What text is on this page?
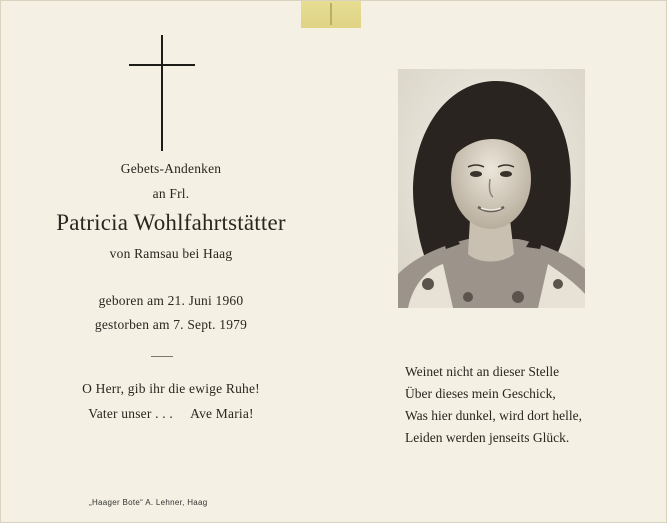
Gebets-Andenken
an Frl.
Patricia Wohlfahrtstätter
von Ramsau bei Haag
geboren am 21. Juni 1960
gestorben am 7. Sept. 1979
O Herr, gib ihr die ewige Ruhe!
Vater unser . . .     Ave Maria!
„Haager Bote“ A. Lehner, Haag
Weinet nicht an dieser Stelle
Über dieses mein Geschick,
Was hier dunkel, wird dort helle,
Leiden werden jenseits Glück.
